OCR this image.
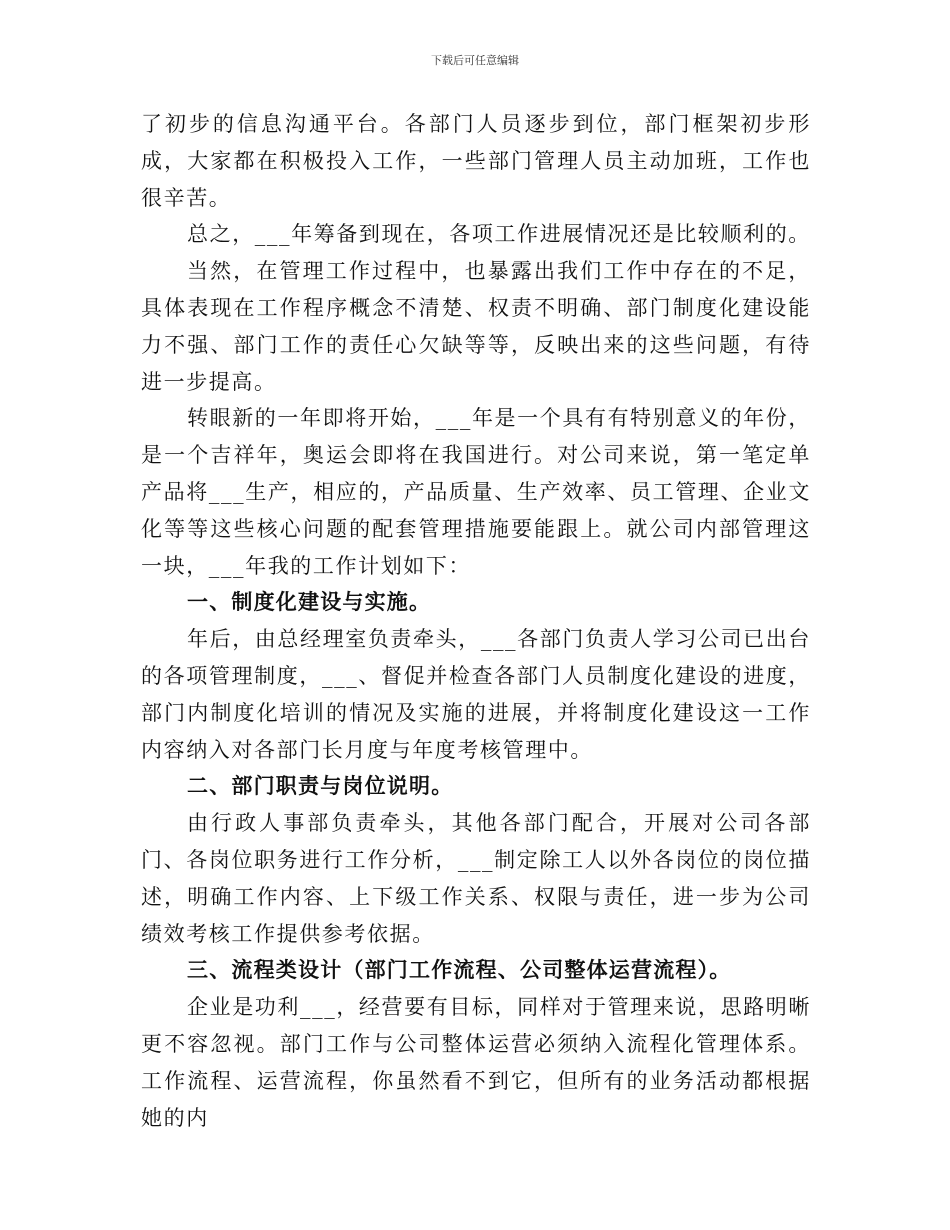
下载后可任意编辑

了初步的信息沟通平台。各部门人员逐步到位，部门框架初步形成，大家都在积极投入工作，一些部门管理人员主动加班，工作也很辛苦。

总之，___年筹备到现在，各项工作进展情况还是比较顺利的。

当然，在管理工作过程中，也暴露出我们工作中存在的不足，具体表现在工作程序概念不清楚、权责不明确、部门制度化建设能力不强、部门工作的责任心欠缺等等，反映出来的这些问题，有待进一步提高。

转眼新的一年即将开始，___年是一个具有有特别意义的年份，是一个吉祥年，奥运会即将在我国进行。对公司来说，第一笔定单产品将___生产，相应的，产品质量、生产效率、员工管理、企业文化等等这些核心问题的配套管理措施要能跟上。就公司内部管理这一块，___年我的工作计划如下：

一、制度化建设与实施。

年后，由总经理室负责牵头，___各部门负责人学习公司已出台的各项管理制度，___、督促并检查各部门人员制度化建设的进度，部门内制度化培训的情况及实施的进展，并将制度化建设这一工作内容纳入对各部门长月度与年度考核管理中。

二、部门职责与岗位说明。

由行政人事部负责牵头，其他各部门配合，开展对公司各部门、各岗位职务进行工作分析，___制定除工人以外各岗位的岗位描述，明确工作内容、上下级工作关系、权限与责任，进一步为公司绩效考核工作提供参考依据。

三、流程类设计（部门工作流程、公司整体运营流程）。

企业是功利___，经营要有目标，同样对于管理来说，思路明晰更不容忽视。部门工作与公司整体运营必须纳入流程化管理体系。工作流程、运营流程，你虽然看不到它，但所有的业务活动都根据她的内
